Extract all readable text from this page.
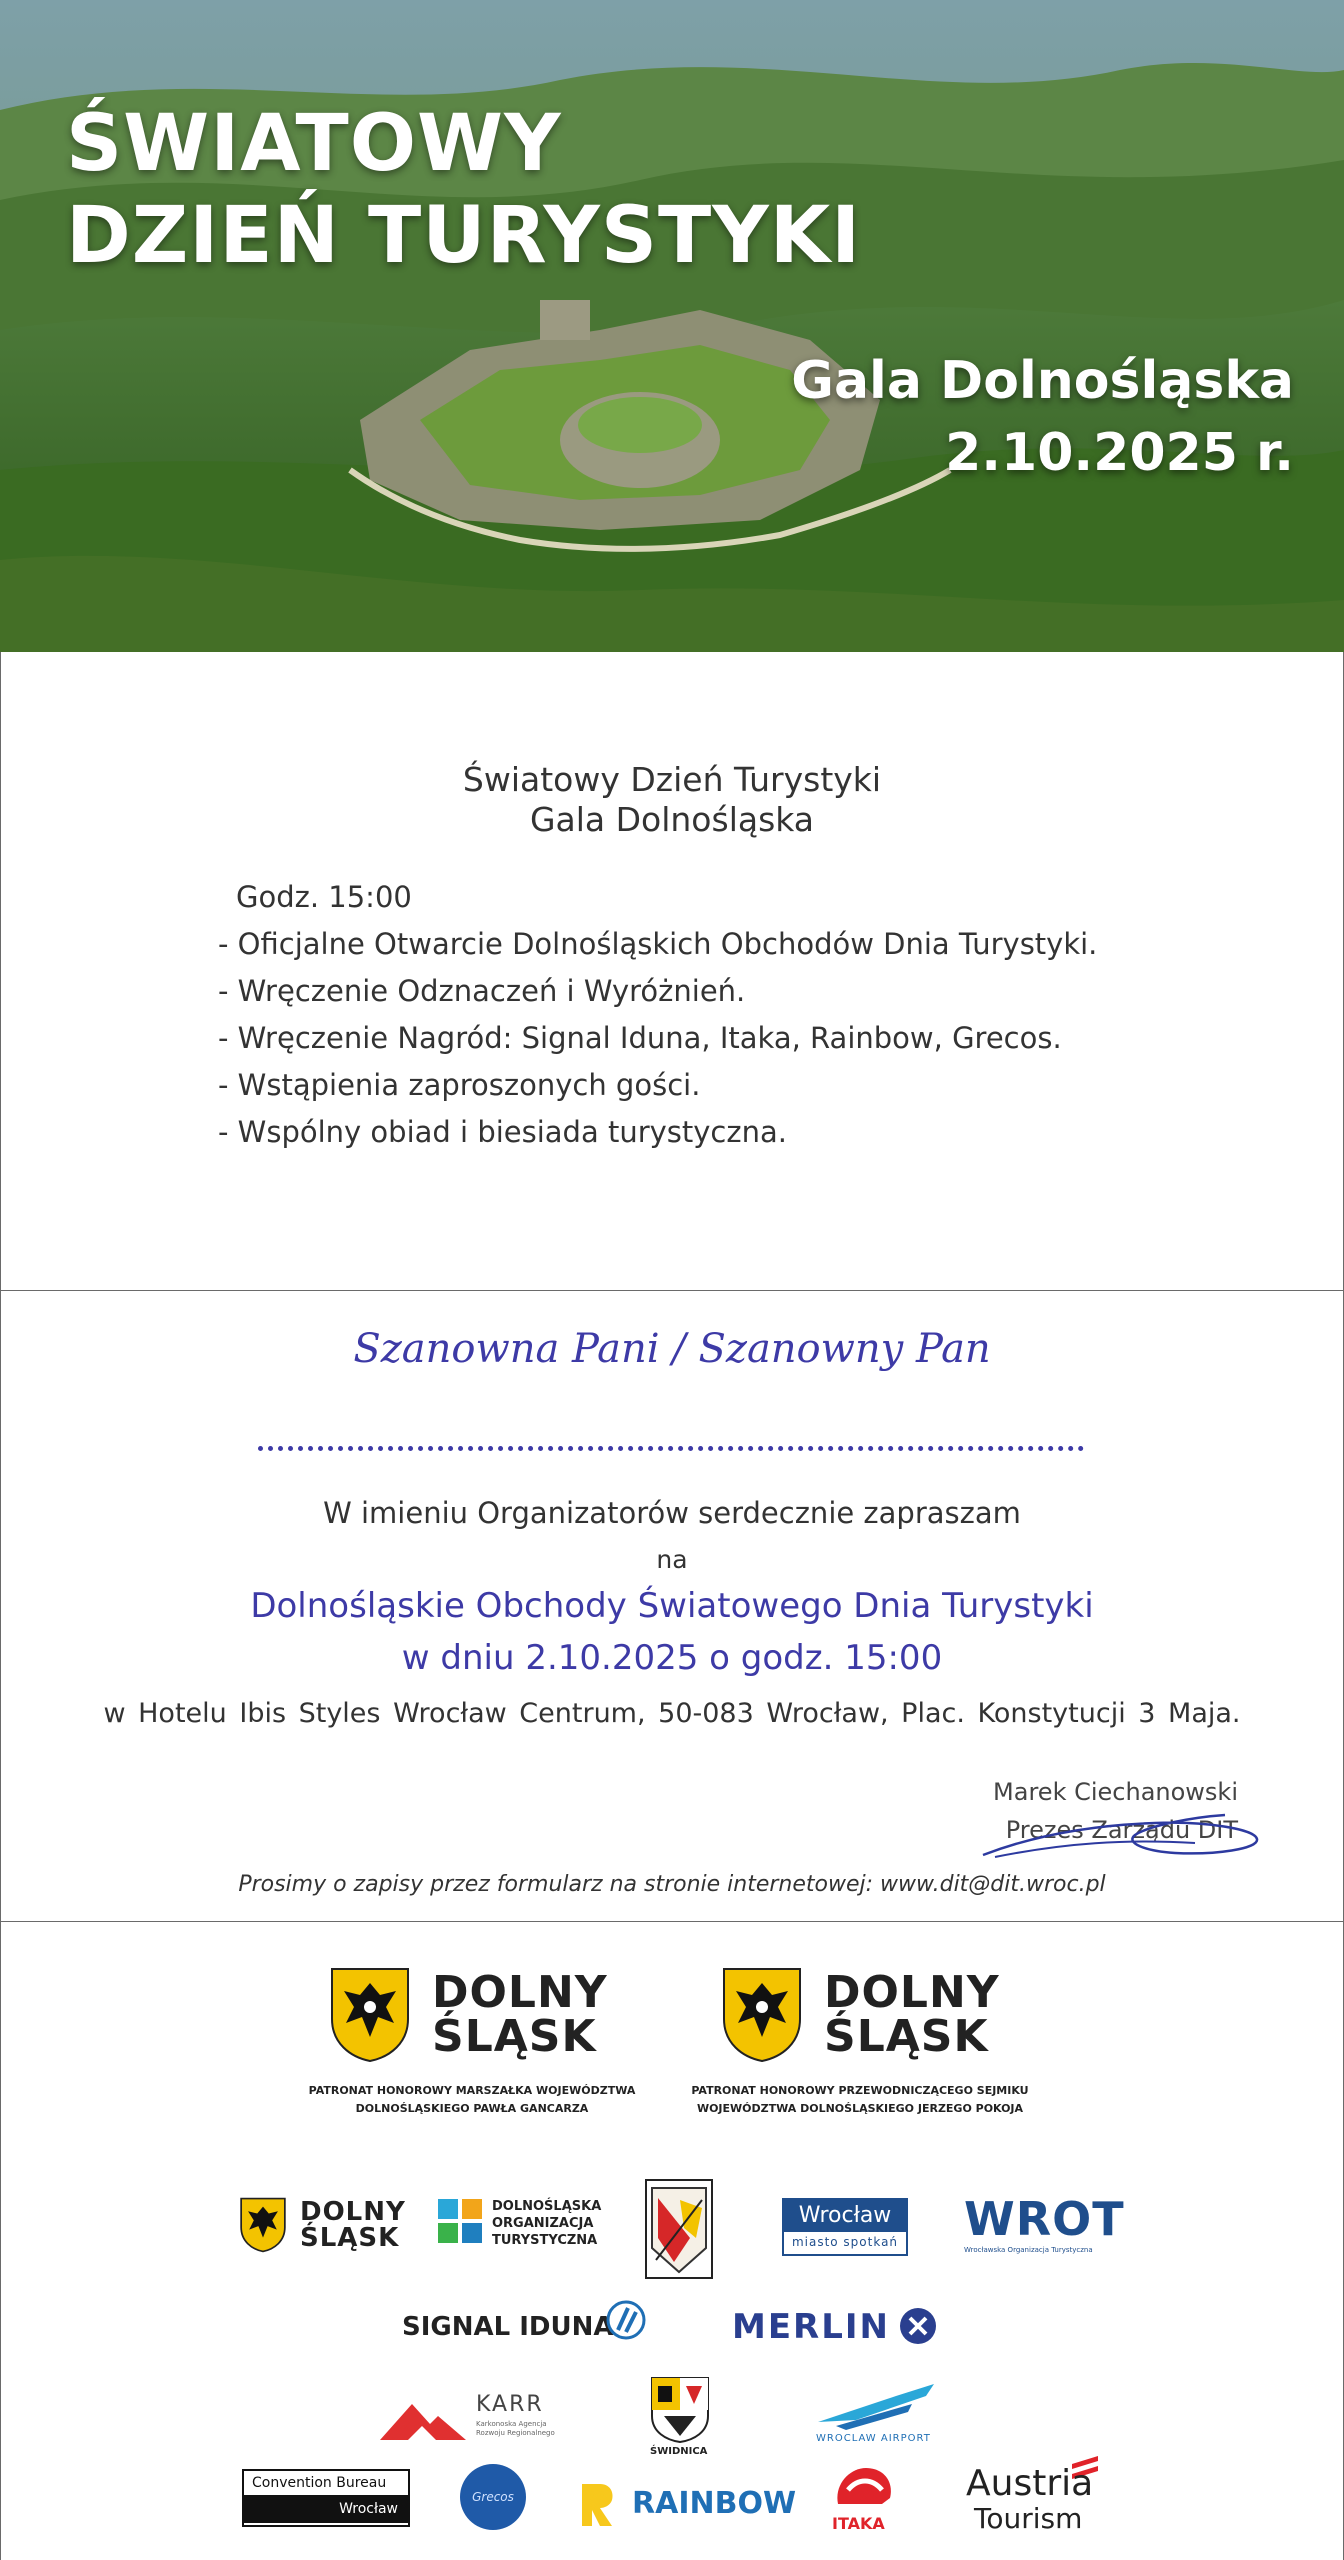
ŚWIATOWY
DZIEŃ TURYSTYKI
Gala Dolnośląska
2.10.2025 r.
Światowy Dzień Turystyki
Gala Dolnośląska
Godz. 15:00
- Oficjalne Otwarcie Dolnośląskich Obchodów Dnia Turystyki.
- Wręczenie Odznaczeń i Wyróżnień.
- Wręczenie Nagród: Signal Iduna, Itaka, Rainbow, Grecos.
- Wstąpienia zaproszonych gości.
- Wspólny obiad i biesiada turystyczna.
Szanowna Pani / Szanowny Pan
W imieniu Organizatorów serdecznie zapraszam
na
Dolnośląskie Obchody Światowego Dnia Turystyki
w dniu 2.10.2025 o godz. 15:00
w Hotelu Ibis Styles Wrocław Centrum, 50-083 Wrocław, Plac. Konstytucji 3 Maja.
Marek Ciechanowski
Prezes Zarządu DIT
Prosimy o zapisy przez formularz na stronie internetowej: www.dit@dit.wroc.pl
DOLNY
ŚLĄSK
PATRONAT HONOROWY MARSZAŁKA WOJEWÓDZTWA
DOLNOŚLĄSKIEGO PAWŁA GANCARZA
DOLNY
ŚLĄSK
PATRONAT HONOROWY PRZEWODNICZĄCEGO SEJMIKU
WOJEWÓDZTWA DOLNOŚLĄSKIEGO JERZEGO POKOJA
DOLNY
ŚLĄSK
DOLNOŚLĄSKA
ORGANIZACJA
TURYSTYCZNA
Wrocław
miasto spotkań WROT
Wrocławska Organizacja Turystyczna
SIGNAL IDUNA	MERLIN
KARR
Karkonoska Agencja
Rozwoju Regionalnego
ŚWIDNICA
WROCLAW AIRPORT
Convention Bureau
Wrocław
Grecos	RAINBOW
ITAKA
Austria
Tourism
